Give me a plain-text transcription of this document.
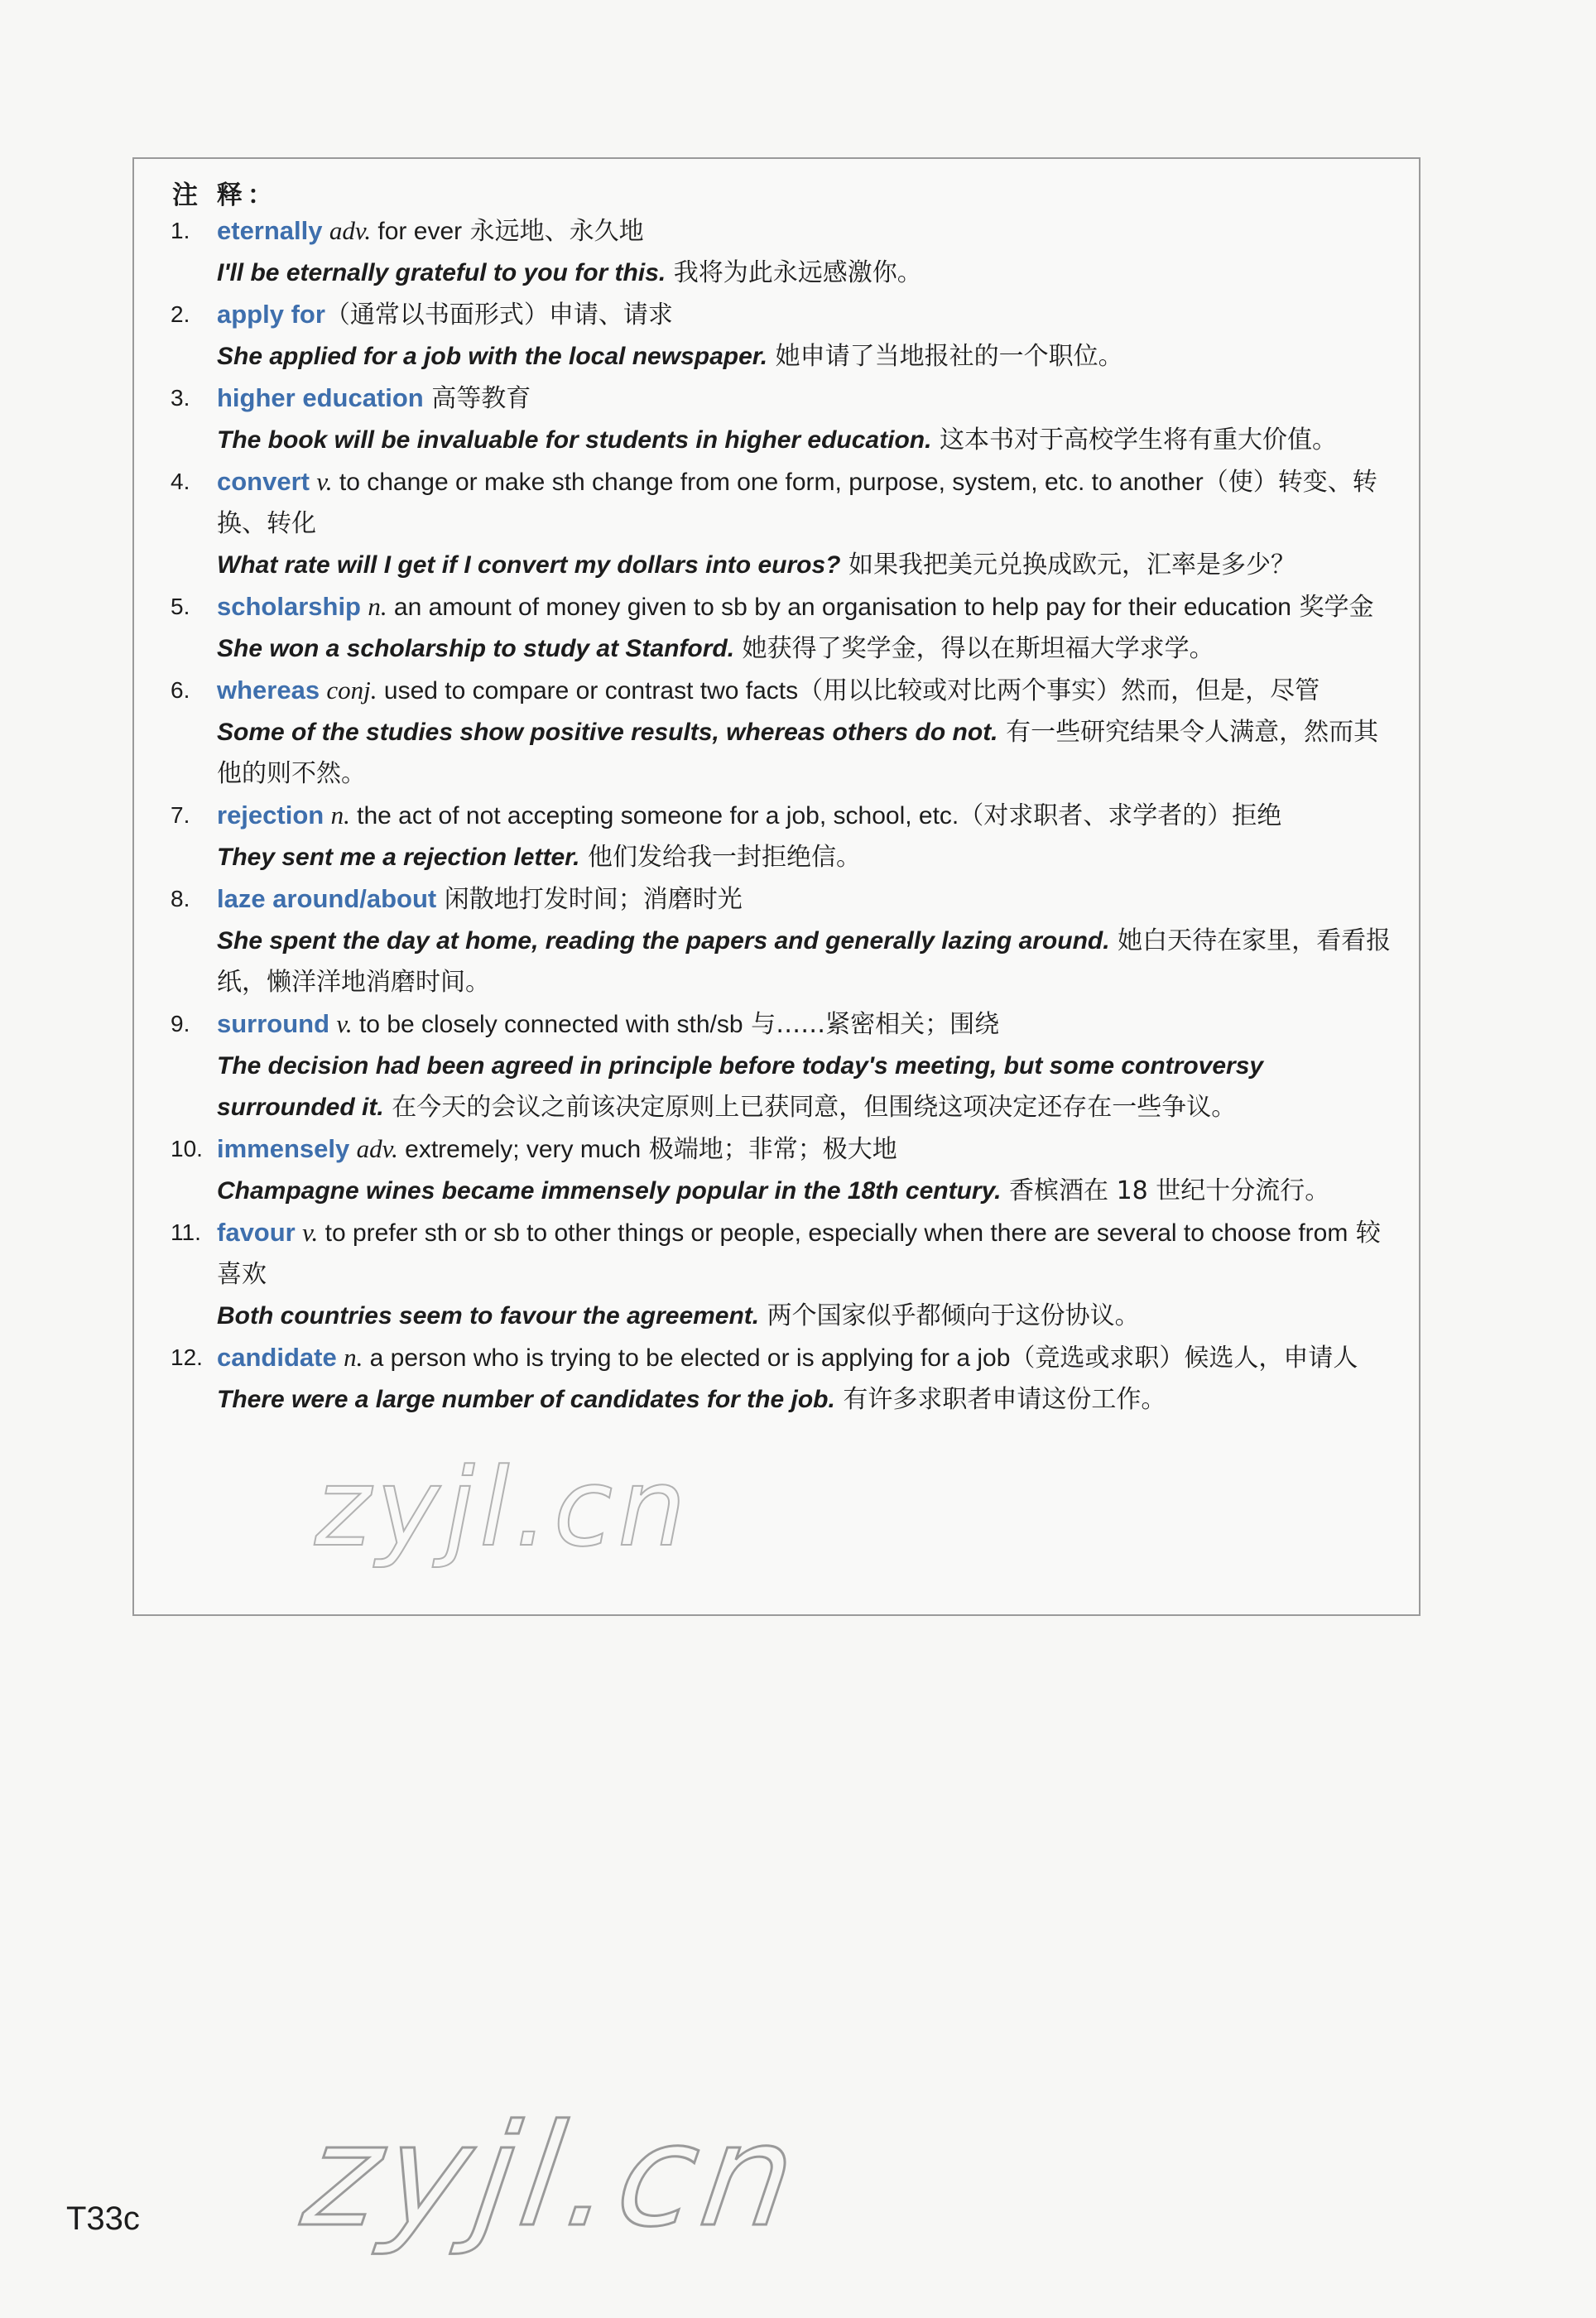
注 释：
1. eternally adv. for ever 永远地、永久地
I'll be eternally grateful to you for this. 我将为此永远感激你。
2. apply for（通常以书面形式）申请、请求
She applied for a job with the local newspaper. 她申请了当地报社的一个职位。
3. higher education 高等教育
The book will be invaluable for students in higher education. 这本书对于高校学生将有重大价值。
4. convert v. to change or make sth change from one form, purpose, system, etc. to another（使）转变、转换、转化
What rate will I get if I convert my dollars into euros? 如果我把美元兑换成欧元，汇率是多少？
5. scholarship n. an amount of money given to sb by an organisation to help pay for their education 奖学金
She won a scholarship to study at Stanford. 她获得了奖学金，得以在斯坦福大学求学。
6. whereas conj. used to compare or contrast two facts（用以比较或对比两个事实）然而，但是，尽管
Some of the studies show positive results, whereas others do not. 有一些研究结果令人满意，然而其他的则不然。
7. rejection n. the act of not accepting someone for a job, school, etc.（对求职者、求学者的）拒绝
They sent me a rejection letter. 他们发给我一封拒绝信。
8. laze around/about 闲散地打发时间；消磨时光
She spent the day at home, reading the papers and generally lazing around. 她白天待在家里，看看报纸，懒洋洋地消磨时间。
9. surround v. to be closely connected with sth/sb 与……紧密相关；围绕
The decision had been agreed in principle before today's meeting, but some controversy surrounded it. 在今天的会议之前该决定原则上已获同意，但围绕这项决定还存在一些争议。
10. immensely adv. extremely; very much 极端地；非常；极大地
Champagne wines became immensely popular in the 18th century. 香槟酒在 18 世纪十分流行。
11. favour v. to prefer sth or sb to other things or people, especially when there are several to choose from 较喜欢
Both countries seem to favour the agreement. 两个国家似乎都倾向于这份协议。
12. candidate n. a person who is trying to be elected or is applying for a job（竞选或求职）候选人，申请人
There were a large number of candidates for the job. 有许多求职者申请这份工作。
zyjl.cn
zyjl.cn
T33c
